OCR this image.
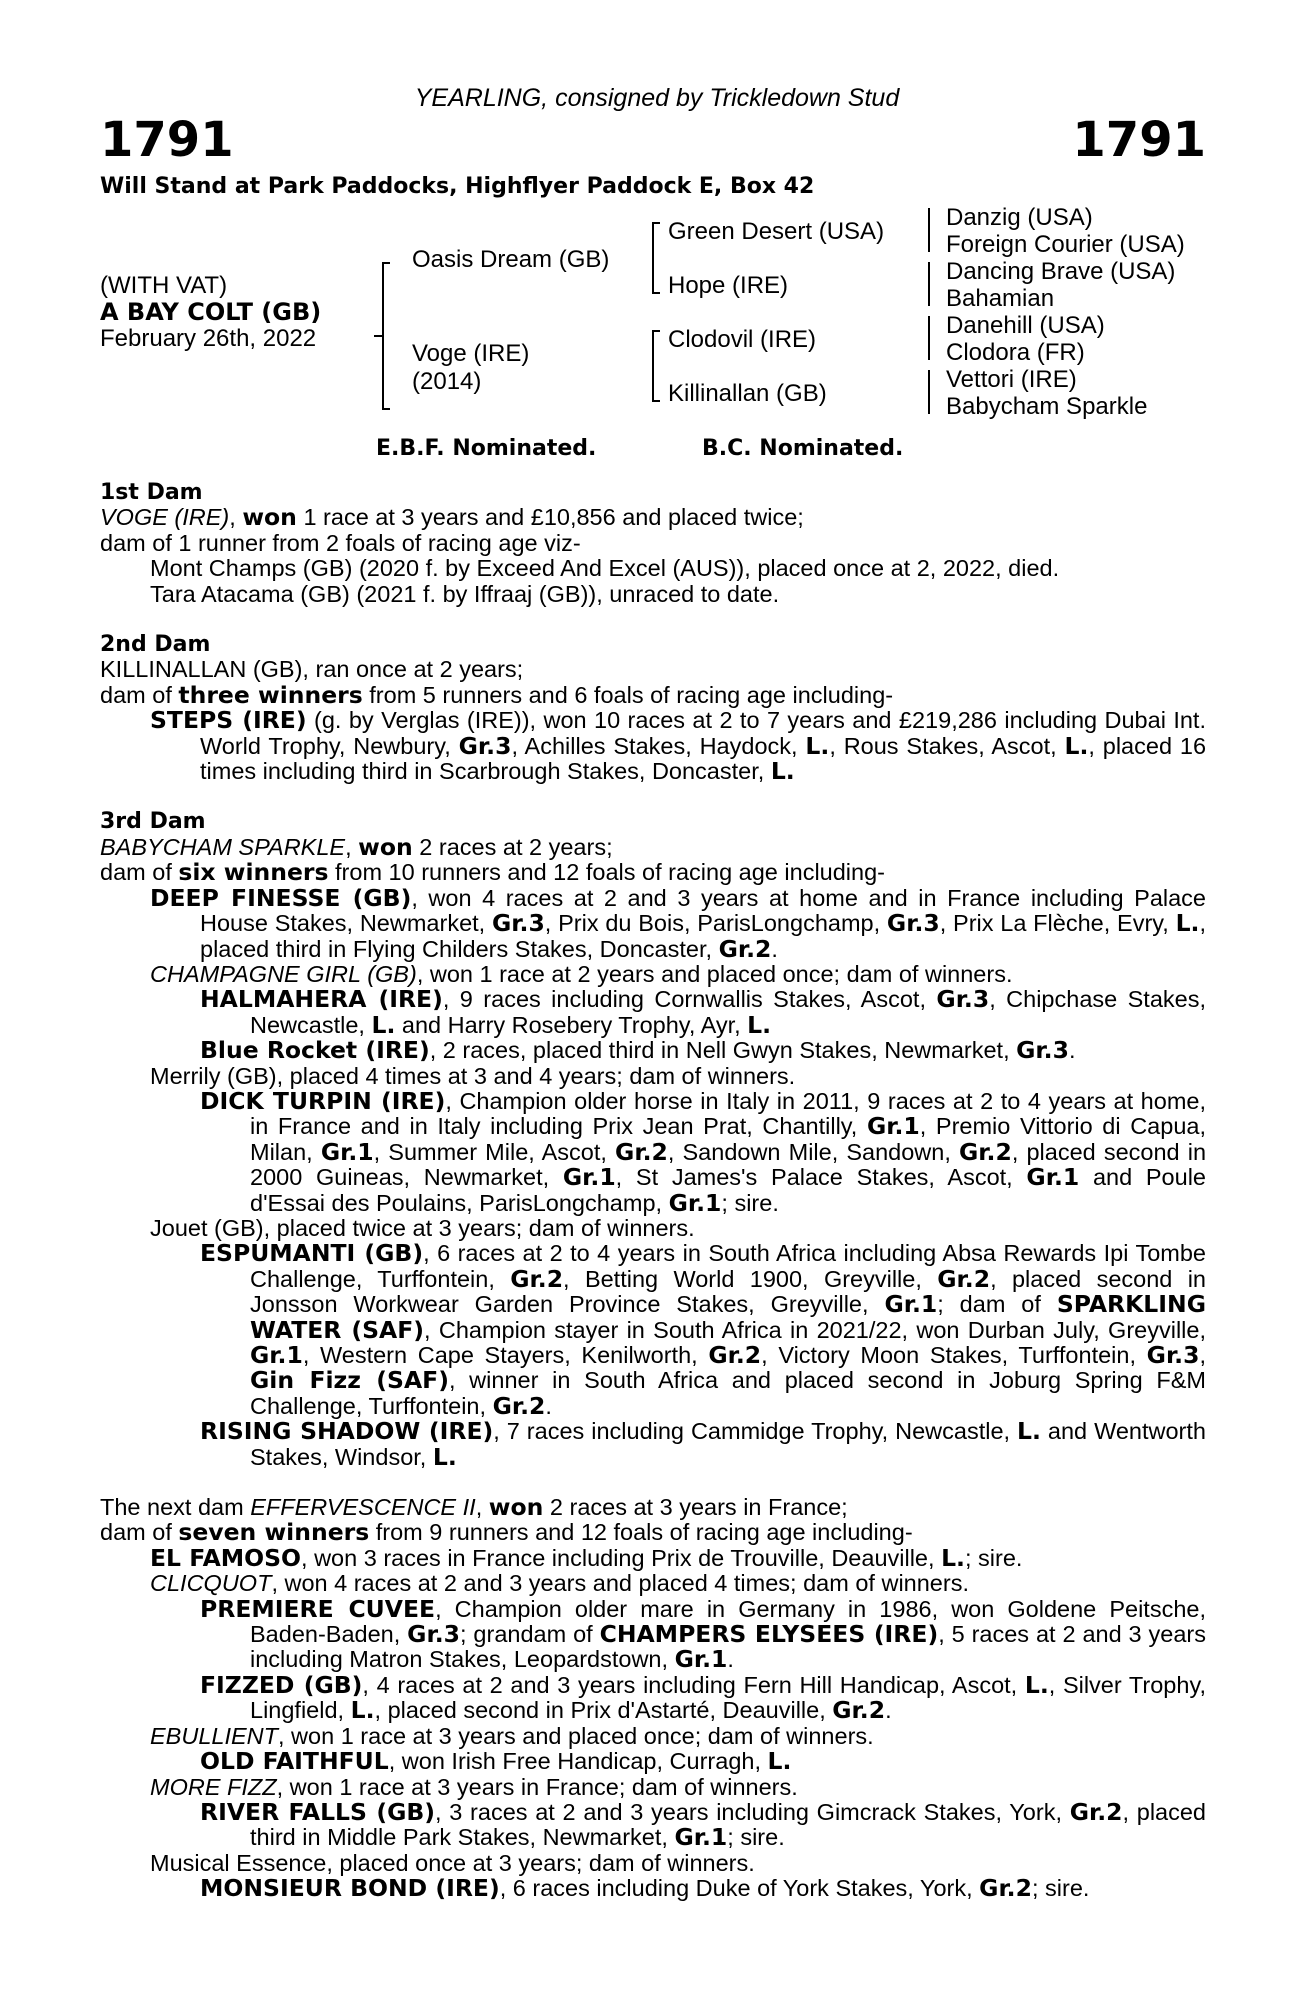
YEARLING, consigned by Trickledown Stud
1791	1791
Will Stand at Park Paddocks, Highflyer Paddock E, Box 42
(WITH VAT)
A BAY COLT (GB)
February 26th, 2022
Oasis Dream (GB)
Voge (IRE)
(2014)
Green Desert (USA)
Hope (IRE)
Clodovil (IRE)
Killinallan (GB)
Danzig (USA)
Foreign Courier (USA)
Dancing Brave (USA)
Bahamian
Danehill (USA)
Clodora (FR)
Vettori (IRE)
Babycham Sparkle
E.B.F. Nominated.	B.C. Nominated.

1st Dam

VOGE (IRE), won 1 race at 3 years and £10,856 and placed twice;

dam of 1 runner from 2 foals of racing age viz-

Mont Champs (GB) (2020 f. by Exceed And Excel (AUS)), placed once at 2, 2022, died.

Tara Atacama (GB) (2021 f. by Iffraaj (GB)), unraced to date.

2nd Dam

KILLINALLAN (GB), ran once at 2 years;

dam of three winners from 5 runners and 6 foals of racing age including-

STEPS (IRE) (g. by Verglas (IRE)), won 10 races at 2 to 7 years and £219,286 including Dubai Int. World Trophy, Newbury, Gr.3, Achilles Stakes, Haydock, L., Rous Stakes, Ascot, L., placed 16 times including third in Scarbrough Stakes, Doncaster, L.

3rd Dam

BABYCHAM SPARKLE, won 2 races at 2 years;

dam of six winners from 10 runners and 12 foals of racing age including-

DEEP FINESSE (GB), won 4 races at 2 and 3 years at home and in France including Palace House Stakes, Newmarket, Gr.3, Prix du Bois, ParisLongchamp, Gr.3, Prix La Flèche, Evry, L., placed third in Flying Childers Stakes, Doncaster, Gr.2.

CHAMPAGNE GIRL (GB), won 1 race at 2 years and placed once; dam of winners.

HALMAHERA (IRE), 9 races including Cornwallis Stakes, Ascot, Gr.3, Chipchase Stakes, Newcastle, L. and Harry Rosebery Trophy, Ayr, L.

Blue Rocket (IRE), 2 races, placed third in Nell Gwyn Stakes, Newmarket, Gr.3.

Merrily (GB), placed 4 times at 3 and 4 years; dam of winners.

DICK TURPIN (IRE), Champion older horse in Italy in 2011, 9 races at 2 to 4 years at home, in France and in Italy including Prix Jean Prat, Chantilly, Gr.1, Premio Vittorio di Capua, Milan, Gr.1, Summer Mile, Ascot, Gr.2, Sandown Mile, Sandown, Gr.2, placed second in 2000 Guineas, Newmarket, Gr.1, St James's Palace Stakes, Ascot, Gr.1 and Poule d'Essai des Poulains, ParisLongchamp, Gr.1; sire.

Jouet (GB), placed twice at 3 years; dam of winners.

ESPUMANTI (GB), 6 races at 2 to 4 years in South Africa including Absa Rewards Ipi Tombe Challenge, Turffontein, Gr.2, Betting World 1900, Greyville, Gr.2, placed second in Jonsson Workwear Garden Province Stakes, Greyville, Gr.1; dam of SPARKLING WATER (SAF), Champion stayer in South Africa in 2021/22, won Durban July, Greyville, Gr.1, Western Cape Stayers, Kenilworth, Gr.2, Victory Moon Stakes, Turffontein, Gr.3, Gin Fizz (SAF), winner in South Africa and placed second in Joburg Spring F&M Challenge, Turffontein, Gr.2.

RISING SHADOW (IRE), 7 races including Cammidge Trophy, Newcastle, L. and Wentworth Stakes, Windsor, L.

The next dam EFFERVESCENCE II, won 2 races at 3 years in France;

dam of seven winners from 9 runners and 12 foals of racing age including-

EL FAMOSO, won 3 races in France including Prix de Trouville, Deauville, L.; sire.

CLICQUOT, won 4 races at 2 and 3 years and placed 4 times; dam of winners.

PREMIERE CUVEE, Champion older mare in Germany in 1986, won Goldene Peitsche, Baden-Baden, Gr.3; grandam of CHAMPERS ELYSEES (IRE), 5 races at 2 and 3 years including Matron Stakes, Leopardstown, Gr.1.

FIZZED (GB), 4 races at 2 and 3 years including Fern Hill Handicap, Ascot, L., Silver Trophy, Lingfield, L., placed second in Prix d'Astarté, Deauville, Gr.2.

EBULLIENT, won 1 race at 3 years and placed once; dam of winners.

OLD FAITHFUL, won Irish Free Handicap, Curragh, L.

MORE FIZZ, won 1 race at 3 years in France; dam of winners.

RIVER FALLS (GB), 3 races at 2 and 3 years including Gimcrack Stakes, York, Gr.2, placed third in Middle Park Stakes, Newmarket, Gr.1; sire.

Musical Essence, placed once at 3 years; dam of winners.

MONSIEUR BOND (IRE), 6 races including Duke of York Stakes, York, Gr.2; sire.
